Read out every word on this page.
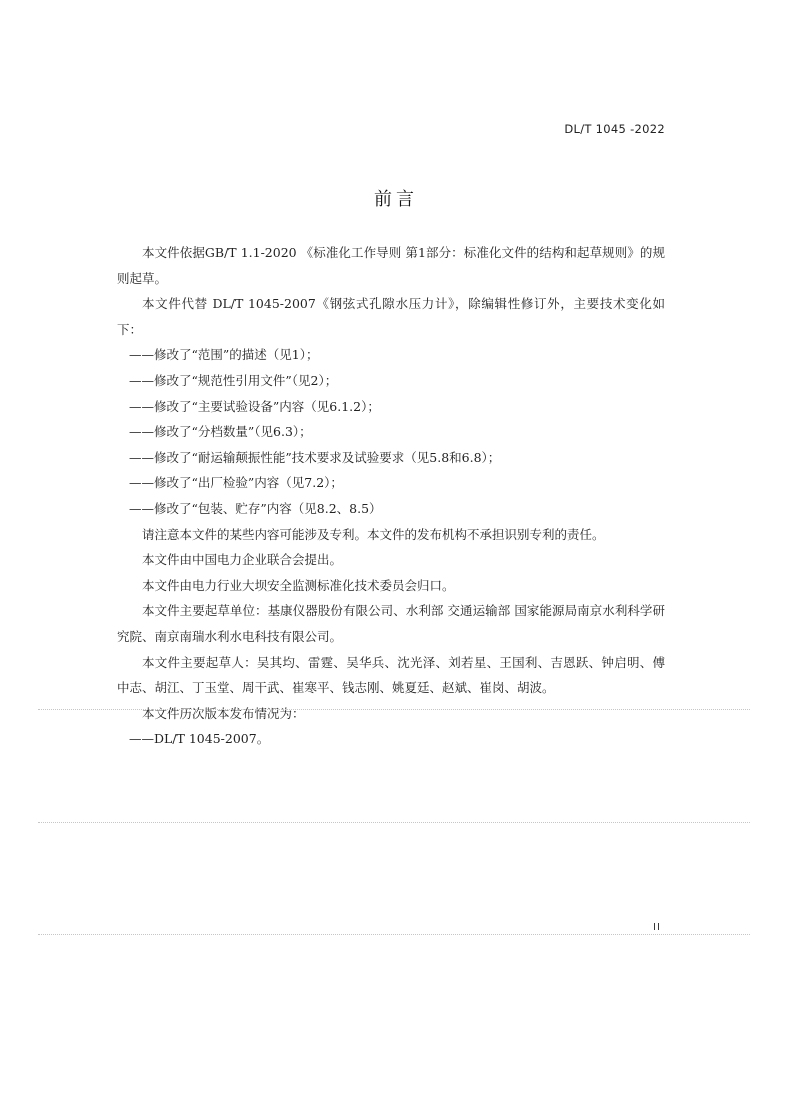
DL/T 1045 -2022
前言

本文件依据GB/T 1.1-2020 《标准化工作导则 第1部分：标准化文件的结构和起草规则》的规则起草。

本文件代替 DL/T 1045-2007《钢弦式孔隙水压力计》，除编辑性修订外，主要技术变化如下：

——修改了“范围”的描述（见1）；

——修改了“规范性引用文件”（见2）；

——修改了“主要试验设备”内容（见6.1.2）；

——修改了“分档数量”（见6.3）；

——修改了“耐运输颠振性能”技术要求及试验要求（见5.8和6.8）；

——修改了“出厂检验”内容（见7.2）；

——修改了“包装、贮存”内容（见8.2、8.5）

请注意本文件的某些内容可能涉及专利。本文件的发布机构不承担识别专利的责任。

本文件由中国电力企业联合会提出。

本文件由电力行业大坝安全监测标准化技术委员会归口。

本文件主要起草单位：基康仪器股份有限公司、水利部 交通运输部 国家能源局南京水利科学研究院、南京南瑞水利水电科技有限公司。

本文件主要起草人：吴其均、雷霆、吴华兵、沈光泽、刘若星、王国利、吉恩跃、钟启明、傅中志、胡江、丁玉堂、周干武、崔寒平、钱志刚、姚夏廷、赵斌、崔岗、胡波。

本文件历次版本发布情况为：

——DL/T 1045-2007。

II
